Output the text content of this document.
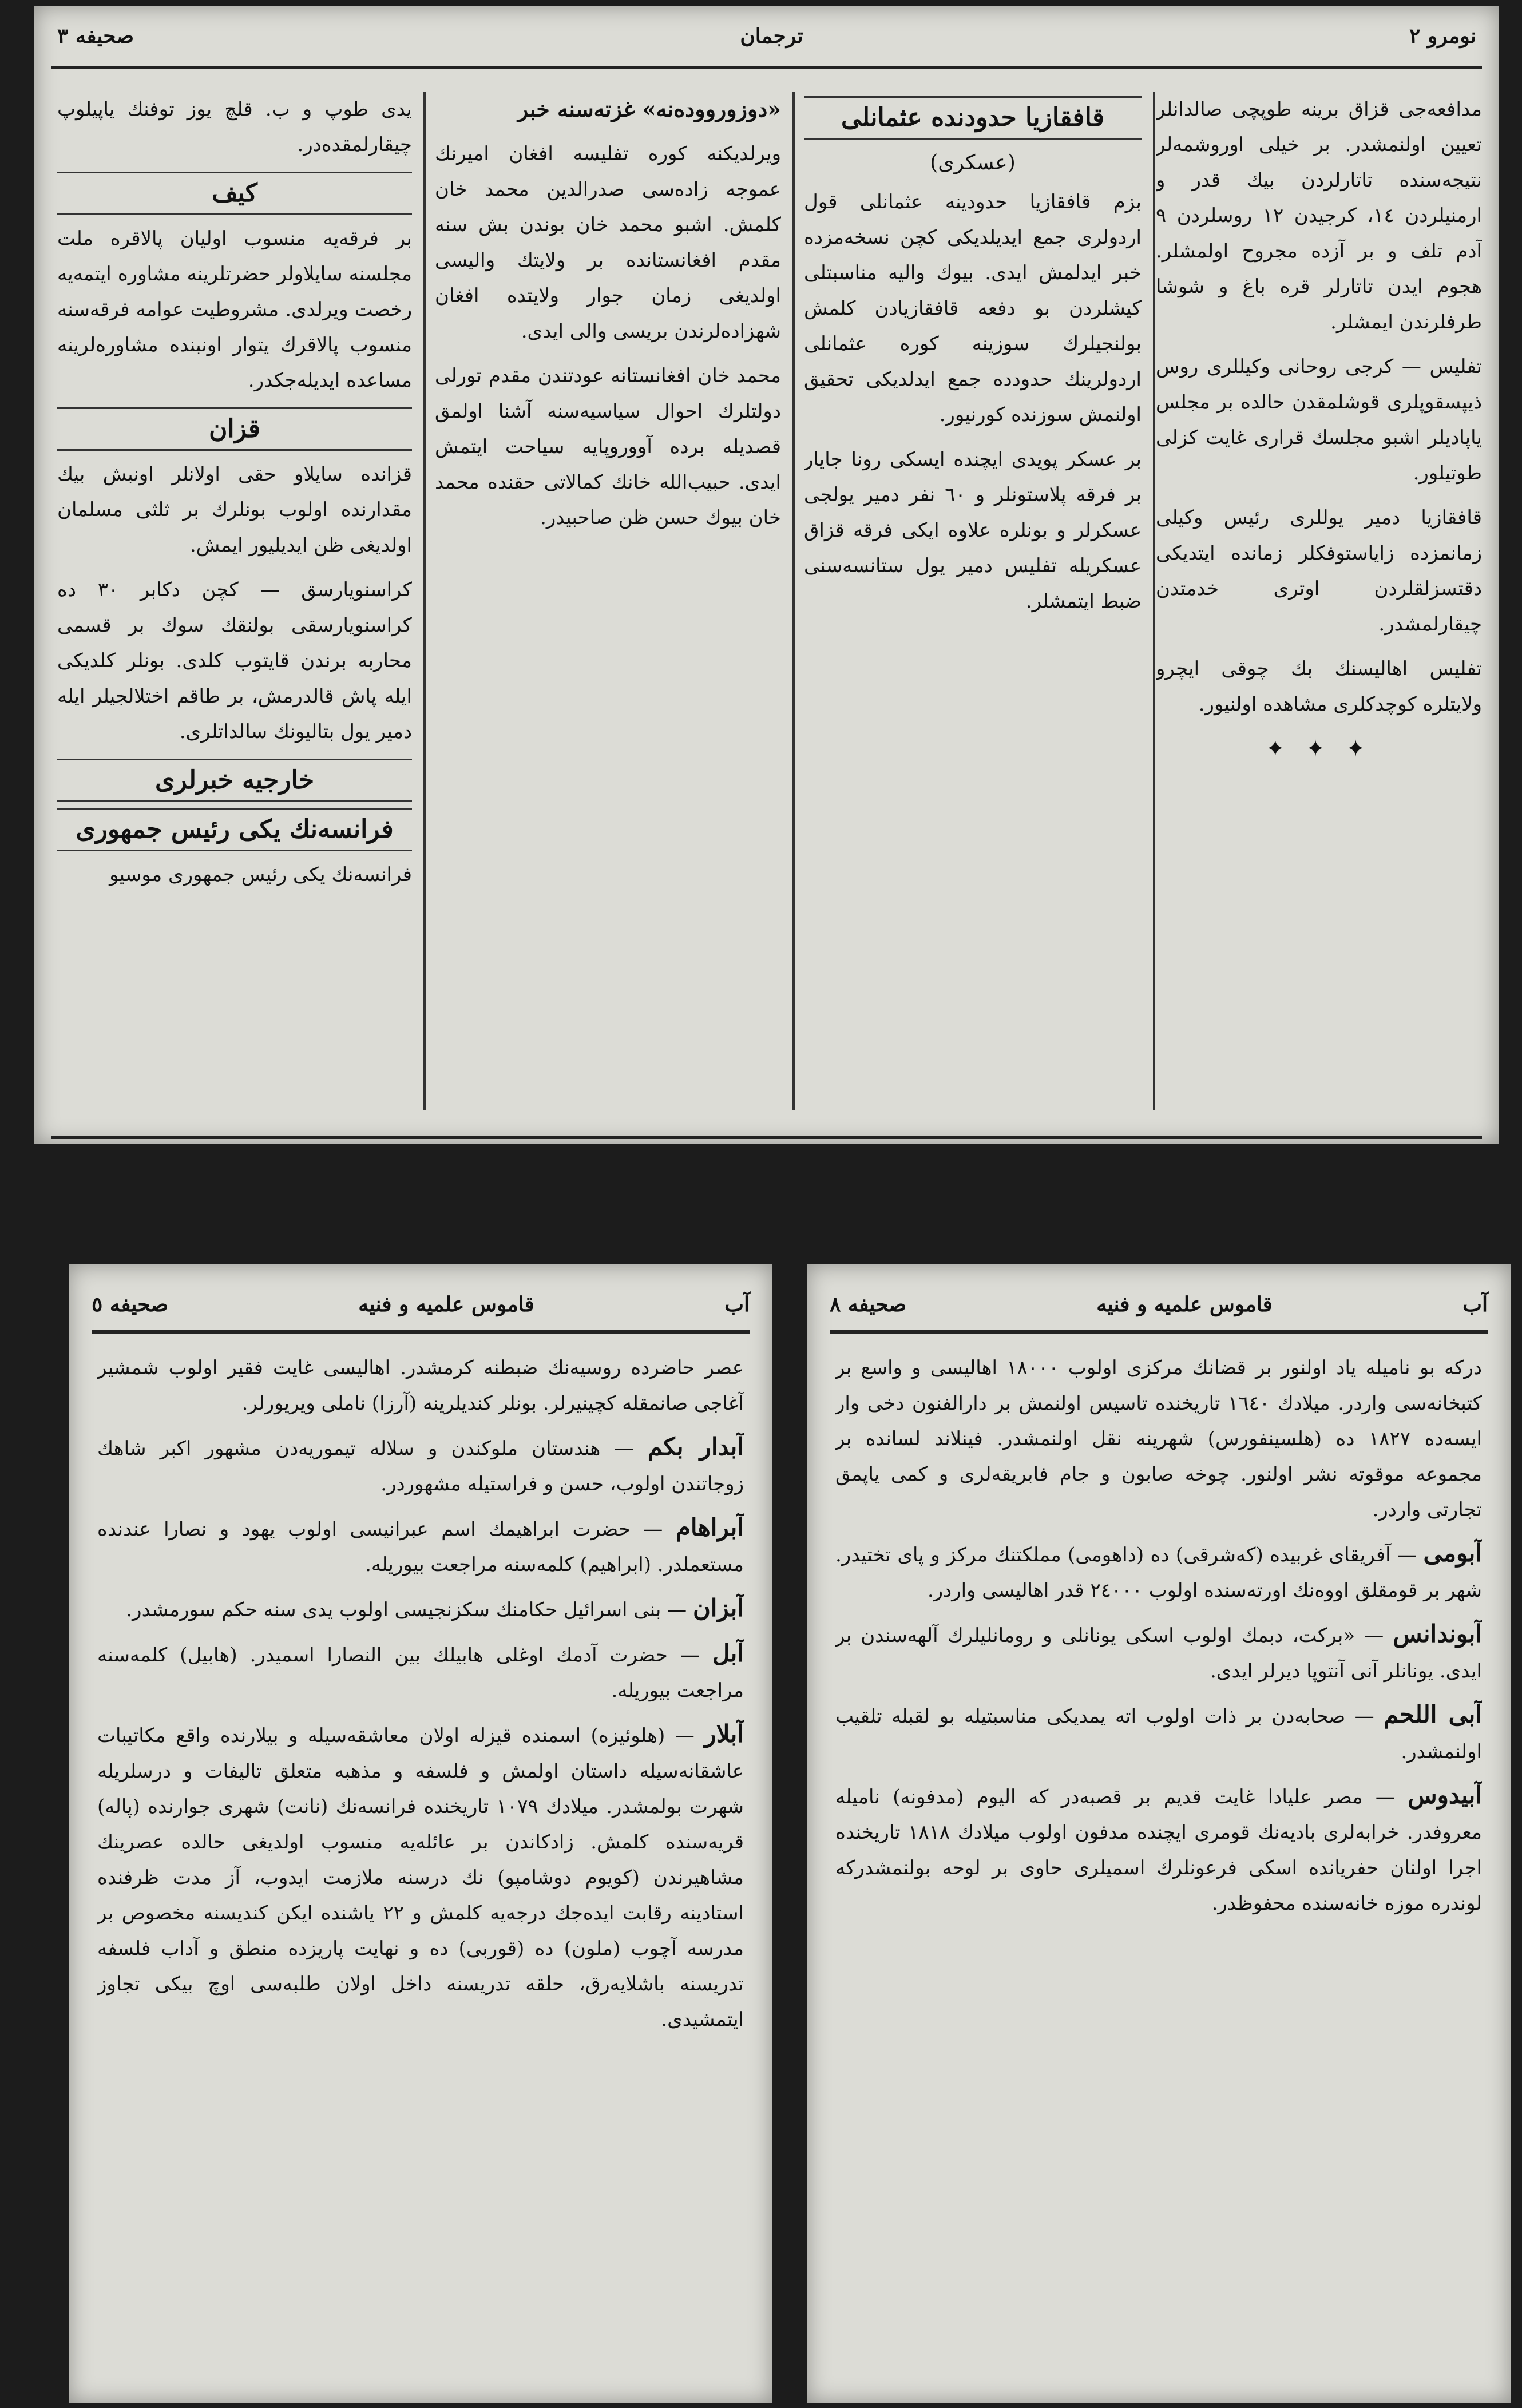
نومرو ٢
ترجمان
صحيفه ٣

مدافعه‌جى قزاق برينه طوپچى صالدانلر تعيين اولنمشدر. بر خيلى اوروشمه‌لر نتيجه‌سنده تاتارلردن بيك قدر و ارمنيلردن ١٤، كرجيدن ١٢ روسلردن ٩ آدم تلف و بر آزده مجروح اولمشلر. هجوم ايدن تاتارلر قره باغ و شوشا طرفلرندن ايمشلر.

تفليس — كرجى روحانى وكيللرى روس ذيپسقوپلرى قوشلمقدن حالده بر مجلس ياپاديلر اشبو مجلسك قرارى غايت كزلى طوتيلور.

قافقازيا دمير يوللرى رئيس وكيلى زمانمزده زاياستوفكلر زمانده ايتديكى دقتسزلقلردن اوترى خدمتدن چيقارلمشدر.

تفليس اهاليسنك بك چوقى ايچرو ولايتلره كوچدكلرى مشاهده اولنيور.

✦ ✦ ✦
قافقازيا حدودنده عثمانلى
(عسكرى)

بزم قافقازيا حدودينه عثمانلى قول اردولرى جمع ايديلديكى كچن نسخه‌مزده خبر ايدلمش ايدى. بيوك واليه مناسبتلى كيشلردن بو دفعه قافقازيادن كلمش بولنجيلرك سوزينه كوره عثمانلى اردولرينك حدودده جمع ايدلديكى تحقيق اولنمش سوزنده كورنيور.

بر عسكر پويدى ايچنده ايسكى رونا جايار بر فرقه پلاستونلر و ٦٠ نفر دمير يولجى عسكرلر و بونلره علاوه ايكى فرقه قزاق عسكريله تفليس دمير يول ستانسه‌سنى ضبط ايتمشلر.

«دوزورووده‌نه» غزته‌سنه خبر

ويرلديكنه كوره تفليسه افغان اميرنك عموجه زاده‌سى صدرالدين محمد خان كلمش. اشبو محمد خان بوندن بش سنه مقدم افغانستانده بر ولايتك واليسى اولديغى زمان جوار ولايتده افغان شهزاده‌لرندن بريسى والى ايدى.

محمد خان افغانستانه عودتندن مقدم تورلى دولتلرك احوال سياسيه‌سنه آشنا اولمق قصديله برده آووروپايه سياحت ايتمش ايدى. حبيب‌الله خانك كمالاتى حقنده محمد خان بيوك حسن ظن صاحبيدر.

يدى طوپ و ب. قلچ يوز توفنك ياپيلوپ چيقارلمقده‌در.

كيف

بر فرقه‌يه منسوب اوليان پالاقره ملت مجلسنه سايلاولر حضرتلرينه مشاوره ايتمه‌يه رخصت ويرلدى. مشروطيت عوامه فرقه‌سنه منسوب پالاقرك يتوار اونبنده مشاوره‌لرينه مساعده ايديله‌جكدر.

قزان

قزانده سايلاو حقى اولانلر اونبش بيك مقدارنده اولوب بونلرك بر ثلثى مسلمان اولديغى ظن ايديليور ايمش.

كراسنويارسق — كچن دكابر ٣٠ ده كراسنويارسقى بولنقك سوك بر قسمى محاربه برندن قايتوب كلدى. بونلر كلديكى ايله پاش قالدرمش، بر طاقم اختلالجيلر ايله دمير يول بتاليونك سالداتلرى.

خارجيه خبرلرى
فرانسه‌نك يكى رئيس جمهورى

فرانسه‌نك يكى رئيس جمهورى موسيو

آب
قاموس علميه و فنيه
صحيفه ٥

عصر حاضرده روسيه‌نك ضبطنه كرمشدر. اهاليسى غايت فقير اولوب شمشير آغاجى صانمقله كچينيرلر. بونلر كنديلرينه (آرزا) ناملى ويريورلر.

آبدار بكم — هندستان ملوكندن و سلاله تيموريه‌دن مشهور اكبر شاهك زوجاتندن اولوب، حسن و فراستيله مشهوردر.

آبراهام — حضرت ابراهيمك اسم عبرانيسى اولوب يهود و نصارا عندنده مستعملدر. (ابراهيم) كلمه‌سنه مراجعت بيوريله.

آبزان — بنى اسرائيل حكامنك سكزنجيسى اولوب يدى سنه حكم سورمشدر.

آبل — حضرت آدمك اوغلى هابيلك بين النصارا اسميدر. (هابيل) كلمه‌سنه مراجعت بيوريله.

آبلار — (هلوئيزه) اسمنده قيزله اولان معاشقه‌سيله و بيلارنده واقع مكاتيبات عاشقانه‌سيله داستان اولمش و فلسفه و مذهبه متعلق تاليفات و درسلريله شهرت بولمشدر. ميلادك ١٠٧٩ تاريخنده فرانسه‌نك (نانت) شهرى جوارنده (پاله) قريه‌سنده كلمش. زادكاندن بر عائله‌يه منسوب اولديغى حالده عصرينك مشاهيرندن (كويوم دوشامپو) نك درسنه ملازمت ايدوب، آز مدت ظرفنده استادينه رقابت ايده‌جك درجه‌يه كلمش و ٢٢ ياشنده ايكن كنديسنه مخصوص بر مدرسه آچوب (ملون) ده (قوربى) ده و نهايت پاريزده منطق و آداب فلسفه تدريسنه باشلايه‌رق، حلقه تدريسنه داخل اولان طلبه‌سى اوچ بيكى تجاوز ايتمشيدى.

آب
قاموس علميه و فنيه
صحيفه ٨

دركه بو ناميله ياد اولنور بر قضانك مركزى اولوب ١٨٠٠٠ اهاليسى و واسع بر كتبخانه‌سى واردر. ميلادك ١٦٤٠ تاريخنده تاسيس اولنمش بر دارالفنون دخى وار ايسه‌ده ١٨٢٧ ده (هلسينفورس) شهرينه نقل اولنمشدر. فينلاند لسانده بر مجموعه موقوته نشر اولنور. چوخه صابون و جام فابريقه‌لرى و كمى ياپمق تجارتى واردر.

آبومى — آفريقاى غربيده (كه‌شرقى) ده (داهومى) مملكتنك مركز و پاى تختيدر. شهر بر قومقلق اووه‌نك اورته‌سنده اولوب ٢٤٠٠٠ قدر اهاليسى واردر.

آبوندانس — «بركت، دبمك اولوب اسكى يونانلى و رومانليلرك آلهه‌سندن بر ايدى. يونانلر آنى آنتوپا ديرلر ايدى.

آبى اللحم — صحابه‌دن بر ذات اولوب اته يمديكى مناسبتيله بو لقبله تلقيب اولنمشدر.

آبيدوس — مصر عليادا غايت قديم بر قصبه‌در كه اليوم (مدفونه) ناميله معروفدر. خرابه‌لرى باديه‌نك قومرى ايچنده مدفون اولوب ميلادك ١٨١٨ تاريخنده اجرا اولنان حفريانده اسكى فرعونلرك اسميلرى حاوى بر لوحه بولنمشدركه لوندره موزه خانه‌سنده محفوظدر.
